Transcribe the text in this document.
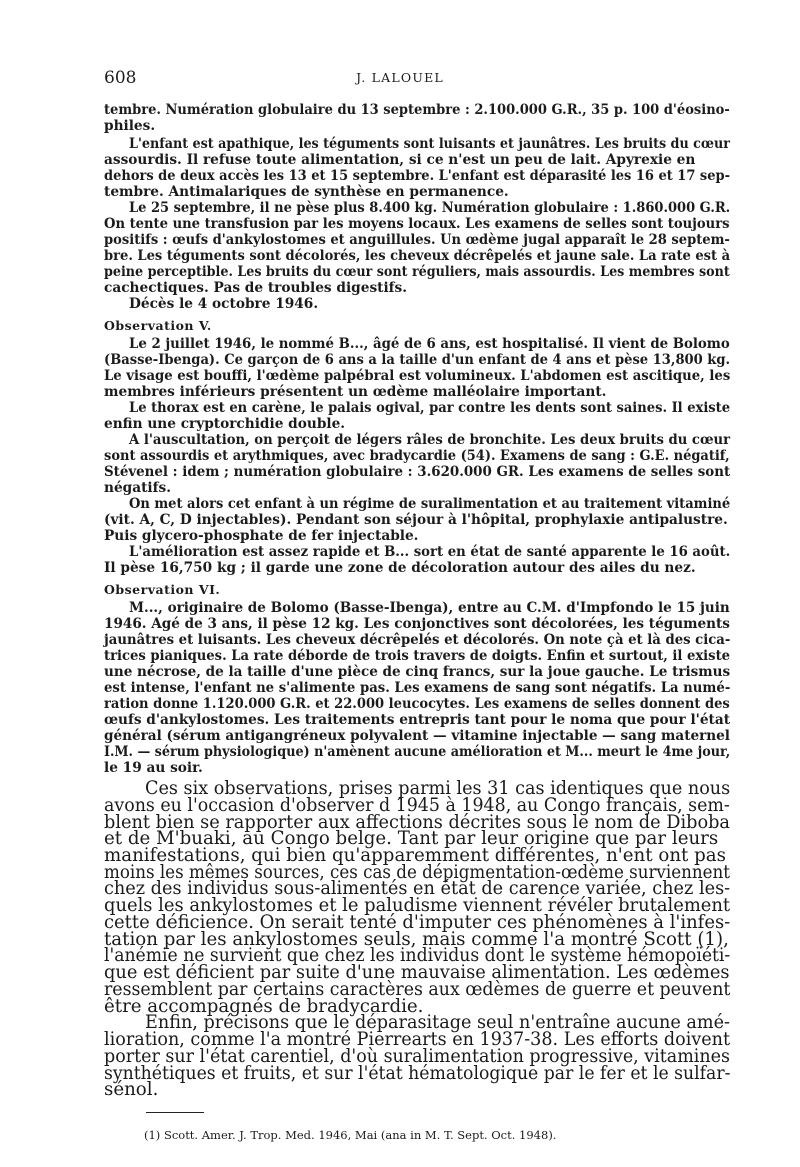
608	J. LALOUEL
tembre. Numération globulaire du 13 septembre : 2.100.000 G.R., 35 p. 100 d'éosino-
philes.
L'enfant est apathique, les téguments sont luisants et jaunâtres. Les bruits du cœur
assourdis. Il refuse toute alimentation, si ce n'est un peu de lait. Apyrexie en
dehors de deux accès les 13 et 15 septembre. L'enfant est déparasité les 16 et 17 sep-
tembre. Antimalariques de synthèse en permanence.
Le 25 septembre, il ne pèse plus 8.400 kg. Numération globulaire : 1.860.000 G.R.
On tente une transfusion par les moyens locaux. Les examens de selles sont toujours
positifs : œufs d'ankylostomes et anguillules. Un œdème jugal apparaît le 28 septem-
bre. Les téguments sont décolorés, les cheveux décrêpelés et jaune sale. La rate est à
peine perceptible. Les bruits du cœur sont réguliers, mais assourdis. Les membres sont
cachectiques. Pas de troubles digestifs.
Décès le 4 octobre 1946.
Observation V.
Le 2 juillet 1946, le nommé B..., âgé de 6 ans, est hospitalisé. Il vient de Bolomo
(Basse-Ibenga). Ce garçon de 6 ans a la taille d'un enfant de 4 ans et pèse 13,800 kg.
Le visage est bouffi, l'œdème palpébral est volumineux. L'abdomen est ascitique, les
membres inférieurs présentent un œdème malléolaire important.
Le thorax est en carène, le palais ogival, par contre les dents sont saines. Il existe
enfin une cryptorchidie double.
A l'auscultation, on perçoit de légers râles de bronchite. Les deux bruits du cœur
sont assourdis et arythmiques, avec bradycardie (54). Examens de sang : G.E. négatif,
Stévenel : idem ; numération globulaire : 3.620.000 GR. Les examens de selles sont
négatifs.
On met alors cet enfant à un régime de suralimentation et au traitement vitaminé
(vit. A, C, D injectables). Pendant son séjour à l'hôpital, prophylaxie antipalustre.
Puis glycero-phosphate de fer injectable.
L'amélioration est assez rapide et B... sort en état de santé apparente le 16 août.
Il pèse 16,750 kg ; il garde une zone de décoloration autour des ailes du nez.
Observation VI.
M..., originaire de Bolomo (Basse-Ibenga), entre au C.M. d'Impfondo le 15 juin
1946. Agé de 3 ans, il pèse 12 kg. Les conjonctives sont décolorées, les téguments
jaunâtres et luisants. Les cheveux décrêpelés et décolorés. On note çà et là des cica-
trices pianiques. La rate déborde de trois travers de doigts. Enfin et surtout, il existe
une nécrose, de la taille d'une pièce de cinq francs, sur la joue gauche. Le trismus
est intense, l'enfant ne s'alimente pas. Les examens de sang sont négatifs. La numé-
ration donne 1.120.000 G.R. et 22.000 leucocytes. Les examens de selles donnent des
œufs d'ankylostomes. Les traitements entrepris tant pour le noma que pour l'état
général (sérum antigangréneux polyvalent — vitamine injectable — sang maternel
I.M. — sérum physiologique) n'amènent aucune amélioration et M... meurt le 4me jour,
le 19 au soir.
Ces six observations, prises parmi les 31 cas identiques que nous
avons eu l'occasion d'observer d 1945 à 1948, au Congo français, sem-
blent bien se rapporter aux affections décrites sous le nom de Diboba
et de M'buaki, au Congo belge. Tant par leur origine que par leurs
manifestations, qui bien qu'apparemment différentes, n'ent ont pas
moins les mêmes sources, ces cas de dépigmentation-œdème surviennent
chez des individus sous-alimentés en état de carence variée, chez les-
quels les ankylostomes et le paludisme viennent révéler brutalement
cette déficience. On serait tenté d'imputer ces phénomènes à l'infes-
tation par les ankylostomes seuls, mais comme l'a montré Scott (1),
l'anémie ne survient que chez les individus dont le système hémopoïéti-
que est déficient par suite d'une mauvaise alimentation. Les œdèmes
ressemblent par certains caractères aux œdèmes de guerre et peuvent
être accompagnés de bradycardie.
Enfin, précisons que le déparasitage seul n'entraîne aucune amé-
lioration, comme l'a montré Pierrearts en 1937-38. Les efforts doivent
porter sur l'état carentiel, d'où suralimentation progressive, vitamines
synthétiques et fruits, et sur l'état hématologique par le fer et le sulfar-
sénol.
(1) Scott. Amer. J. Trop. Med. 1946, Mai (ana in M. T. Sept. Oct. 1948).
